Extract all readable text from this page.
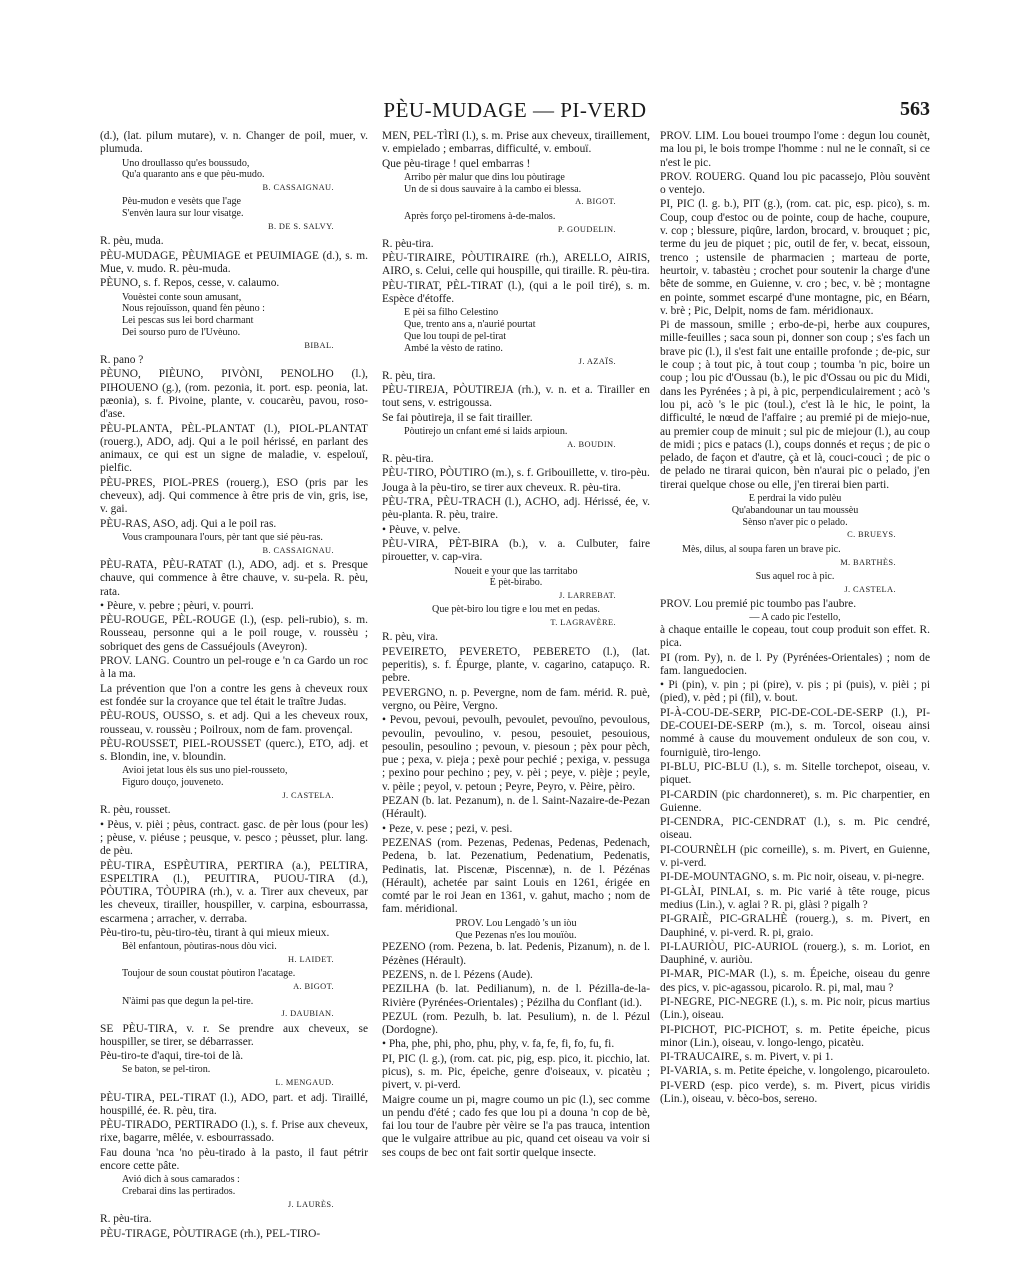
PÈU-MUDAGE — PI-VERD	563

(d.), (lat. pilum mutare), v. n. Changer de poil, muer, v. plumuda.

Uno droullasso qu'es boussudo,
Qu'a quaranto ans e que pèu-mudo.
B. CASSAIGNAU.
Pèu-mudon e vesèts que l'age
S'envèn laura sur lour visatge.
B. DE S. SALVY.

R. pèu, muda.

PÈU-MUDAGE, PÈUMIAGE et PEUIMIAGE (d.), s. m. Mue, v. mudo. R. pèu-muda.

PÈUNO, s. f. Repos, cesse, v. calaumo.

Vouèstei conte soun amusant,
Nous rejouïsson, quand fèn pèuno :
Lei pescas sus lei bord charmant
Dei sourso puro de l'Uvèuno.
BIBAL.

R. pano ?

PÈUNO, PIÈUNO, PIVÒNI, PENOLHO (l.), PIHOUENO (g.), (rom. pezonia, it. port. esp. peonia, lat. pæonia), s. f. Pivoine, plante, v. coucarèu, pavou, roso-d'ase.

PÈU-PLANTA, PÈL-PLANTAT (l.), PIOL-PLANTAT (rouerg.), ADO, adj. Qui a le poil hérissé, en parlant des animaux, ce qui est un signe de maladie, v. espelouï, pielfic.

PÈU-PRES, PIOL-PRES (rouerg.), ESO (pris par les cheveux), adj. Qui commence à être pris de vin, gris, ise, v. gai.

PÈU-RAS, ASO, adj. Qui a le poil ras.

Vous crampounara l'ours, pèr tant que sié pèu-ras.
B. CASSAIGNAU.

PÈU-RATA, PÈU-RATAT (l.), ADO, adj. et s. Presque chauve, qui commence à être chauve, v. su-pela. R. pèu, rata.

• Pèure, v. pebre ; pèuri, v. pourri.

PÈU-ROUGE, PÈL-ROUGE (l.), (esp. peli-rubio), s. m. Rousseau, personne qui a le poil rouge, v. roussèu ; sobriquet des gens de Cassuéjouls (Aveyron).

PROV. LANG. Countro un pel-rouge e 'n ca Gardo un roc à la ma.

La prévention que l'on a contre les gens à cheveux roux est fondée sur la croyance que tel était le traître Judas.

PÈU-ROUS, OUSSO, s. et adj. Qui a les cheveux roux, rousseau, v. roussèu ; Poilroux, nom de fam. provençal.

PÈU-ROUSSET, PIEL-ROUSSET (querc.), ETO, adj. et s. Blondin, ine, v. bloundin.

Avioi jetat lous èls sus uno piel-rousseto,
Figuro douço, jouveneto.
J. CASTELA.

R. pèu, rousset.

• Pèus, v. pièi ; pèus, contract. gasc. de pèr lous (pour les) ; pèuse, v. piéuse ; peusque, v. pesco ; pèusset, plur. lang. de pèu.

PÈU-TIRA, ESPÈUTIRA, PERTIRA (a.), PELTIRA, ESPELTIRA (l.), PEUITIRA, PUOU-TIRA (d.), PÒUTIRA, TÒUPIRA (rh.), v. a. Tirer aux cheveux, par les cheveux, tirailler, houspiller, v. carpina, esbourrassa, escarmena ; arracher, v. derraba.

Pèu-tiro-tu, pèu-tiro-tèu, tirant à qui mieux mieux.

Bèl enfantoun, pòutiras-nous dòu vici.
H. LAIDET.
Toujour de soun coustat pòutiron l'acatage.
A. BIGOT.
N'àimi pas que degun la pel-tire.
J. DAUBIAN.

SE PÈU-TIRA, v. r. Se prendre aux cheveux, se houspiller, se tirer, se débarrasser.

Pèu-tiro-te d'aqui, tire-toi de là.

Se baton, se pel-tiron.
L. MENGAUD.

PÈU-TIRA, PEL-TIRAT (l.), ADO, part. et adj. Tiraillé, houspillé, ée. R. pèu, tira.

PÈU-TIRADO, PERTIRADO (l.), s. f. Prise aux cheveux, rixe, bagarre, mêlée, v. esbourrassado.

Fau douna 'nca 'no pèu-tirado à la pasto, il faut pétrir encore cette pâte.

Avió dich à sous camarados :
Crebarai dins las pertirados.
J. LAURÈS.

R. pèu-tira.

PÈU-TIRAGE, PÒUTIRAGE (rh.), PEL-TIRO-

MEN, PEL-TÌRI (l.), s. m. Prise aux cheveux, tiraillement, v. empielado ; embarras, difficulté, v. embouï.

Que pèu-tirage ! quel embarras !

Arribo pèr malur que dins lou pòutirage
Un de si dous sauvaire à la cambo ei blessa.
A. BIGOT.
Après forço pel-tiromens à-de-malos.
P. GOUDELIN.

R. pèu-tira.

PÈU-TIRAIRE, PÒUTIRAIRE (rh.), ARELLO, AIRIS, AIRO, s. Celui, celle qui houspille, qui tiraille. R. pèu-tira.

PÈU-TIRAT, PÈL-TIRAT (l.), (qui a le poil tiré), s. m. Espèce d'étoffe.

E pèi sa filho Celestino
Que, trento ans a, n'aurié pourtat
Que lou toupi de pel-tirat
Ambé la vèsto de ratino.
J. AZAÏS.

R. pèu, tira.

PÈU-TIREJA, PÒUTIREJA (rh.), v. n. et a. Tirailler en tout sens, v. estrigoussa.

Se fai pòutireja, il se fait tirailler.

Pòutirejo un cnfant emé si laids arpioun.
A. BOUDIN.

R. pèu-tira.

PÈU-TIRO, PÒUTIRO (m.), s. f. Gribouillette, v. tiro-pèu.

Jouga à la pèu-tiro, se tirer aux cheveux. R. pèu-tira.

PÈU-TRA, PÈU-TRACH (l.), ACHO, adj. Hérissé, ée, v. pèu-planta. R. pèu, traire.

• Pèuve, v. pelve.

PÈU-VIRA, PÈT-BIRA (b.), v. a. Culbuter, faire pirouetter, v. cap-vira.

Noueit e your que las tarritabo
E pèt-birabo.
J. LARREBAT.
Que pèt-biro lou tigre e lou met en pedas.
T. LAGRAVÈRE.

R. pèu, vira.

PEVEIRETO, PEVERETO, PEBERETO (l.), (lat. peperitis), s. f. Épurge, plante, v. cagarino, catapuço. R. pebre.

PEVERGNO, n. p. Pevergne, nom de fam. mérid. R. puè, vergno, ou Pèire, Vergno.

• Pevou, pevoui, pevoulh, pevoulet, pevouïno, pevoulous, pevoulin, pevoulino, v. pesou, pesouiet, pesouious, pesoulin, pesoulino ; pevoun, v. piesoun ; pèx pour pèch, pue ; pexa, v. pieja ; pexè pour pechié ; pexiga, v. pessuga ; pexino pour pechino ; pey, v. pèi ; peye, v. pièje ; peyle, v. pèile ; peyol, v. petoun ; Peyre, Peyro, v. Pèire, pèiro.

PEZAN (b. lat. Pezanum), n. de l. Saint-Nazaire-de-Pezan (Hérault).

• Peze, v. pese ; pezi, v. pesi.

PEZENAS (rom. Pezenas, Pedenas, Pedenas, Pedenach, Pedena, b. lat. Pezenatium, Pedenatium, Pedenatis, Pedinatis, lat. Piscenæ, Piscennæ), n. de l. Pézénas (Hérault), achetée par saint Louis en 1261, érigée en comté par le roi Jean en 1361, v. gahut, macho ; nom de fam. méridional.

PROV. Lou Lengadò 's un iòu
Que Pezenas n'es lou mouïòu.

PEZENO (rom. Pezena, b. lat. Pedenis, Pizanum), n. de l. Pézènes (Hérault).

PEZENS, n. de l. Pézens (Aude).

PEZILHA (b. lat. Pedilianum), n. de l. Pézilla-de-la-Rivière (Pyrénées-Orientales) ; Pézilha du Conflant (id.).

PEZUL (rom. Pezulh, b. lat. Pesulium), n. de l. Pézul (Dordogne).

• Pha, phe, phi, pho, phu, phy, v. fa, fe, fi, fo, fu, fi.

PI, PIC (l. g.), (rom. cat. pic, pig, esp. pico, it. picchio, lat. picus), s. m. Pic, épeiche, genre d'oiseaux, v. picatèu ; pivert, v. pi-verd.

Maigre coume un pi, magre coumo un pic (l.), sec comme un pendu d'été ; cado fes que lou pi a douna 'n cop de bè, fai lou tour de l'aubre pèr vèire se l'a pas trauca, intention que le vulgaire attribue au pic, quand cet oiseau va voir si ses coups de bec ont fait sortir quelque insecte.

PROV. LIM. Lou bouei troumpo l'ome : degun lou counèt, ma lou pi, le bois trompe l'homme : nul ne le connaît, si ce n'est le pic.

PROV. ROUERG. Quand lou pic pacassejo, Plòu souvènt o ventejo.

PI, PIC (l. g. b.), PIT (g.), (rom. cat. pic, esp. pico), s. m. Coup, coup d'estoc ou de pointe, coup de hache, coupure, v. cop ; blessure, piqûre, lardon, brocard, v. brouquet ; pic, terme du jeu de piquet ; pic, outil de fer, v. becat, eissoun, trenco ; ustensile de pharmacien ; marteau de porte, heurtoir, v. tabastèu ; crochet pour soutenir la charge d'une bête de somme, en Guienne, v. cro ; bec, v. bè ; montagne en pointe, sommet escarpé d'une montagne, pic, en Béarn, v. brè ; Pic, Delpit, noms de fam. méridionaux.

Pi de massoun, smille ; erbo-de-pi, herbe aux coupures, mille-feuilles ; saca soun pi, donner son coup ; s'es fach un brave pic (l.), il s'est fait une entaille profonde ; de-pic, sur le coup ; à tout pic, à tout coup ; toumba 'n pic, boire un coup ; lou pic d'Oussau (b.), le pic d'Ossau ou pic du Midi, dans les Pyrénées ; à pi, à pic, perpendiculairement ; acò 's lou pi, acò 's le pic (toul.), c'est là le hic, le point, la difficulté, le nœud de l'affaire ; au premié pi de miejo-nue, au premier coup de minuit ; sul pic de miejour (l.), au coup de midi ; pics e patacs (l.), coups donnés et reçus ; de pic o pelado, de façon et d'autre, çà et là, couci-coucì ; de pic o de pelado ne tirarai quicon, bèn n'aurai pic o pelado, j'en tirerai quelque chose ou elle, j'en tirerai bien parti.

E perdrai la vido pulèu
Qu'abandounar un tau moussèu
Sènso n'aver pic o pelado.
C. BRUEYS.
Mès, dilus, al soupa faren un brave pic.
M. BARTHÈS.
Sus aquel roc à pic.
J. CASTELA.

PROV. Lou premié pic toumbo pas l'aubre.

— A cado pic l'estello,

à chaque entaille le copeau, tout coup produit son effet. R. pica.

PI (rom. Py), n. de l. Py (Pyrénées-Orientales) ; nom de fam. languedocien.

• Pi (pin), v. pin ; pi (pire), v. pis ; pi (puis), v. pièi ; pi (pied), v. pèd ; pi (fil), v. bout.

PI-À-COU-DE-SERP, PIC-DE-COL-DE-SERP (l.), PI-DE-COUEI-DE-SERP (m.), s. m. Torcol, oiseau ainsi nommé à cause du mouvement onduleux de son cou, v. fourniguiè, tiro-lengo.

PI-BLU, PIC-BLU (l.), s. m. Sitelle torchepot, oiseau, v. piquet.

PI-CARDIN (pic chardonneret), s. m. Pic charpentier, en Guienne.

PI-CENDRA, PIC-CENDRAT (l.), s. m. Pic cendré, oiseau.

PI-COURNÈLH (pic corneille), s. m. Pivert, en Guienne, v. pi-verd.

PI-DE-MOUNTAGNO, s. m. Pic noir, oiseau, v. pi-negre.

PI-GLÀI, PINLAI, s. m. Pic varié à tête rouge, picus medius (Lin.), v. aglai ? R. pi, glàsi ? pigalh ?

PI-GRAIÈ, PIC-GRALHÈ (rouerg.), s. m. Pivert, en Dauphiné, v. pi-verd. R. pi, graio.

PI-LAURIÒU, PIC-AURIOL (rouerg.), s. m. Loriot, en Dauphiné, v. auriòu.

PI-MAR, PIC-MAR (l.), s. m. Épeiche, oiseau du genre des pics, v. pic-agassou, picarolo. R. pi, mal, mau ?

PI-NEGRE, PIC-NEGRE (l.), s. m. Pic noir, picus martius (Lin.), oiseau.

PI-PICHOT, PIC-PICHOT, s. m. Petite épeiche, picus minor (Lin.), oiseau, v. longo-lengo, picatèu.

PI-TRAUCAIRE, s. m. Pivert, v. pi 1.

PI-VARIA, s. m. Petite épeiche, v. longolengo, picarouleto.

PI-VERD (esp. pico verde), s. m. Pivert, picus viridis (Lin.), oiseau, v. bèco-bos, serено.
